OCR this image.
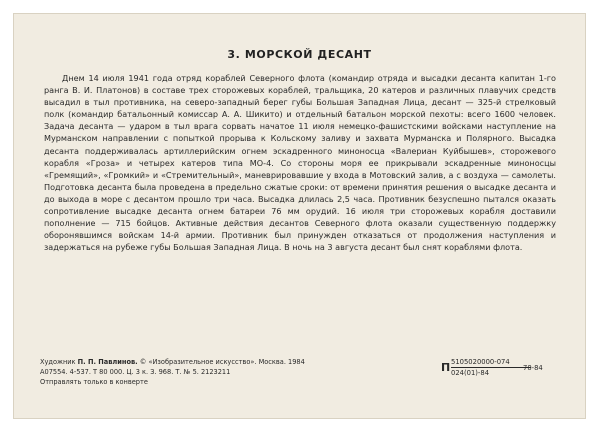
3. МОРСКОЙ ДЕСАНТ

Днем 14 июля 1941 года отряд кораблей Северного флота (командир отряда и высадки десанта капитан 1-го ранга В. И. Платонов) в составе трех сторожевых кораблей, тральщика, 20 катеров и различных плавучих средств высадил в тыл противника, на северо-западный берег губы Большая Западная Лица, десант — 325-й стрелковый полк (командир батальонный комиссар А. А. Шикито) и отдельный батальон морской пехоты: всего 1600 человек. Задача десанта — ударом в тыл врага сорвать начатое 11 июля немецко-фашистскими войсками наступление на Мурманском направлении с попыткой прорыва к Кольскому заливу и захвата Мурманска и Полярного. Высадка десанта поддерживалась артиллерийским огнем эскадренного миноносца «Валериан Куйбышев», сторожевого корабля «Гроза» и четырех катеров типа МО-4. Со стороны моря ее прикрывали эскадренные миноносцы «Гремящий», «Громкий» и «Стремительный», маневрировавшие у входа в Мотовский залив, а с воздуха — самолеты. Подготовка десанта была проведена в предельно сжатые сроки: от времени принятия решения о высадке десанта и до выхода в море с десантом прошло три часа. Высадка длилась 2,5 часа. Противник безуспешно пытался оказать сопротивление высадке десанта огнем батареи 76 мм орудий. 16 июля три сторожевых корабля доставили пополнение — 715 бойцов. Активные действия десантов Северного флота оказали существенную поддержку оборонявшимся войскам 14-й армии. Противник был принужден отказаться от продолжения наступления и задержаться на рубеже губы Большая Западная Лица. В ночь на 3 августа десант был снят кораблями флота.

Художник П. П. Павлинов. © «Изобразительное искусство». Москва. 1984
А07554. 4-537. Т 80 000. Ц. 3 к. З. 968. Т. № 5. 2123211
Отправлять только в конверте
П $\frac{5105020000-074}{024(01)-84}$
70-84
